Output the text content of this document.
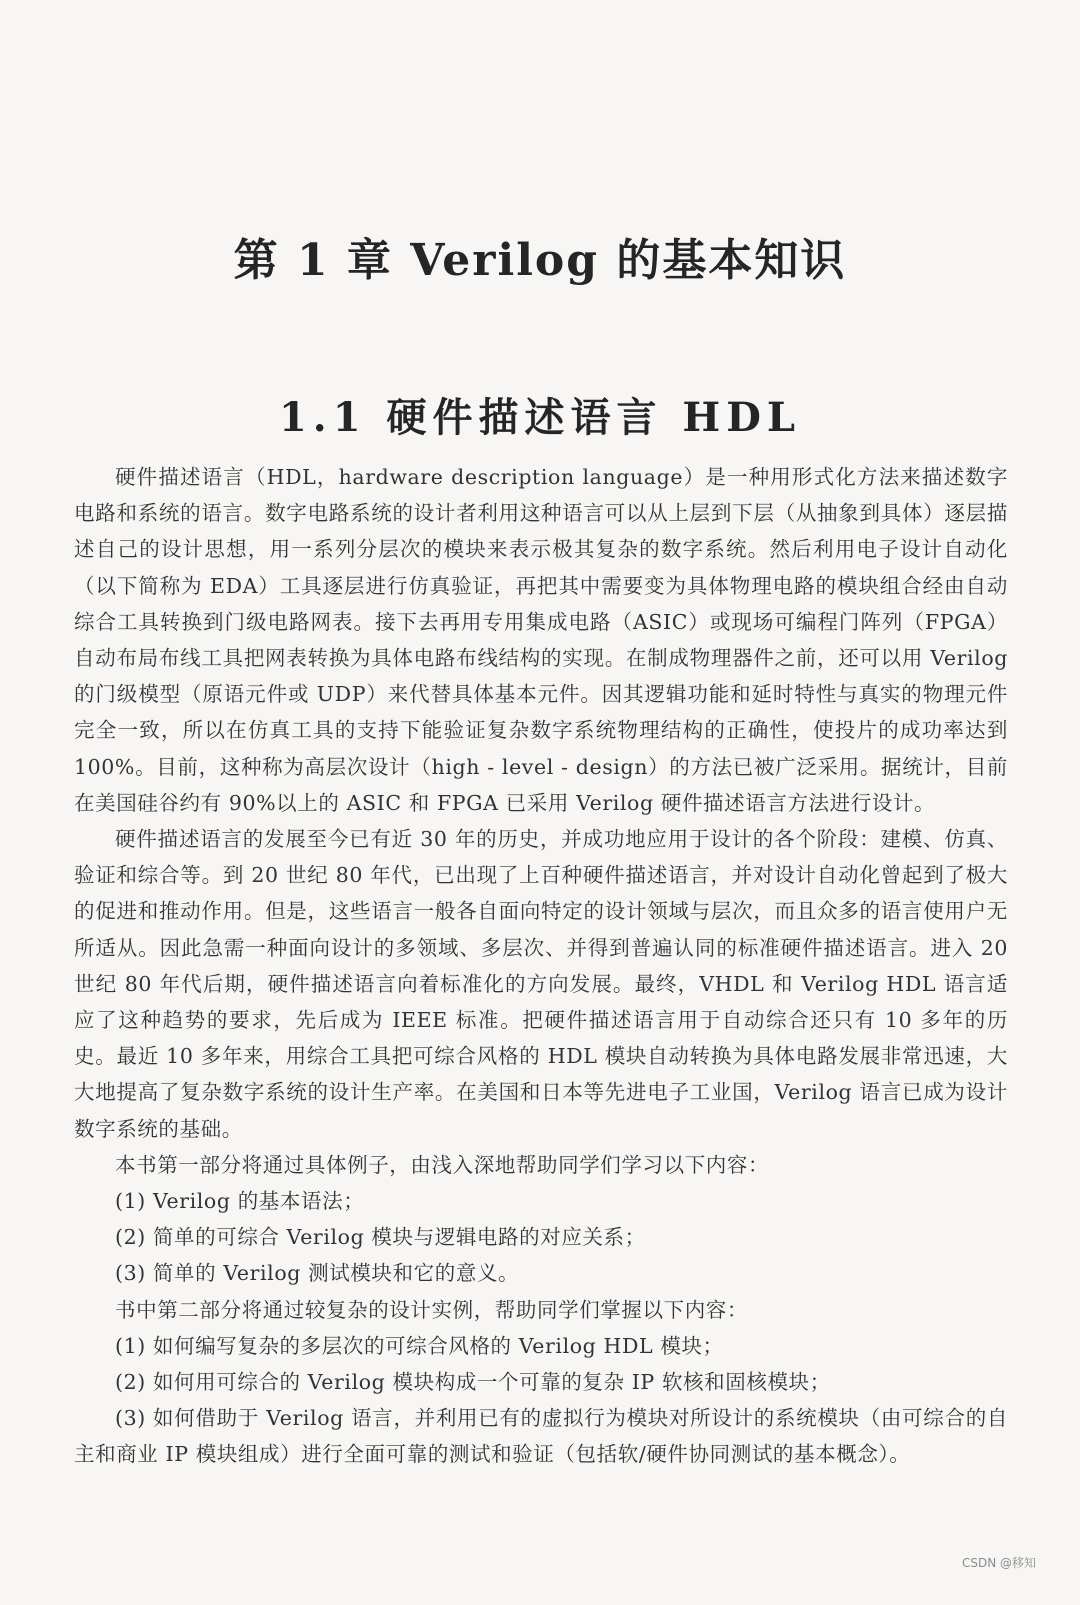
第 1 章 Verilog 的基本知识
1.1 硬件描述语言 HDL

硬件描述语言（HDL，hardware description language）是一种用形式化方法来描述数字电路和系统的语言。数字电路系统的设计者利用这种语言可以从上层到下层（从抽象到具体）逐层描述自己的设计思想，用一系列分层次的模块来表示极其复杂的数字系统。然后利用电子设计自动化（以下简称为 EDA）工具逐层进行仿真验证，再把其中需要变为具体物理电路的模块组合经由自动综合工具转换到门级电路网表。接下去再用专用集成电路（ASIC）或现场可编程门阵列（FPGA）自动布局布线工具把网表转换为具体电路布线结构的实现。在制成物理器件之前，还可以用 Verilog 的门级模型（原语元件或 UDP）来代替具体基本元件。因其逻辑功能和延时特性与真实的物理元件完全一致，所以在仿真工具的支持下能验证复杂数字系统物理结构的正确性，使投片的成功率达到 100%。目前，这种称为高层次设计（high - level - design）的方法已被广泛采用。据统计，目前在美国硅谷约有 90%以上的 ASIC 和 FPGA 已采用 Verilog 硬件描述语言方法进行设计。

硬件描述语言的发展至今已有近 30 年的历史，并成功地应用于设计的各个阶段：建模、仿真、验证和综合等。到 20 世纪 80 年代，已出现了上百种硬件描述语言，并对设计自动化曾起到了极大的促进和推动作用。但是，这些语言一般各自面向特定的设计领域与层次，而且众多的语言使用户无所适从。因此急需一种面向设计的多领域、多层次、并得到普遍认同的标准硬件描述语言。进入 20 世纪 80 年代后期，硬件描述语言向着标准化的方向发展。最终，VHDL 和 Verilog HDL 语言适应了这种趋势的要求，先后成为 IEEE 标准。把硬件描述语言用于自动综合还只有 10 多年的历史。最近 10 多年来，用综合工具把可综合风格的 HDL 模块自动转换为具体电路发展非常迅速，大大地提高了复杂数字系统的设计生产率。在美国和日本等先进电子工业国，Verilog 语言已成为设计数字系统的基础。

本书第一部分将通过具体例子，由浅入深地帮助同学们学习以下内容：

(1) Verilog 的基本语法；

(2) 简单的可综合 Verilog 模块与逻辑电路的对应关系；

(3) 简单的 Verilog 测试模块和它的意义。

书中第二部分将通过较复杂的设计实例，帮助同学们掌握以下内容：

(1) 如何编写复杂的多层次的可综合风格的 Verilog HDL 模块；

(2) 如何用可综合的 Verilog 模块构成一个可靠的复杂 IP 软核和固核模块；

(3) 如何借助于 Verilog 语言，并利用已有的虚拟行为模块对所设计的系统模块（由可综合的自主和商业 IP 模块组成）进行全面可靠的测试和验证（包括软/硬件协同测试的基本概念）。

CSDN @移知
